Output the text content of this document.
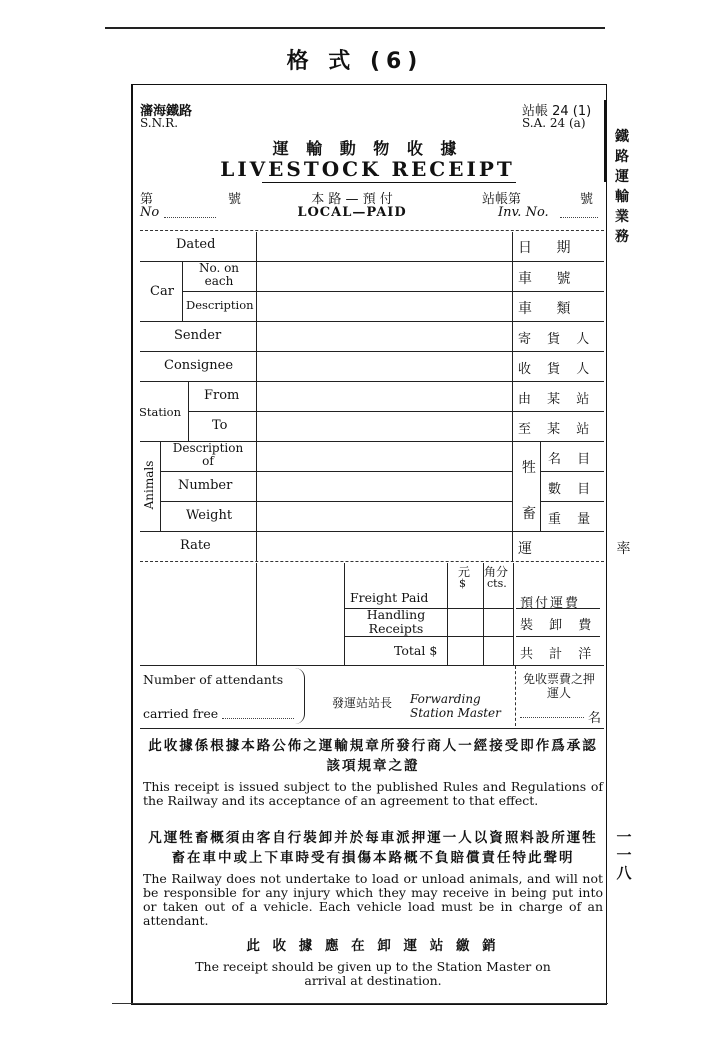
格 式 (6)
鐵路運輸業務
一一八
瀋海鐵路
S.N.R.
站帳 24 (1)
S.A. 24 (a)
運 輸 動 物 收 據
LIVESTOCK RECEIPT
第	號
No
本 路 — 預 付
LOCAL—PAID
站帳第	號
Inv. No.
Dated	日 期
Car
No. on each	車 號
Description	車 類
Sender	寄 貨 人
Consignee	收 貨 人
Station
From	由 某 站
To	至 某 站
Animals	牲
畜
Description of	名 目
Number	數 目
Weight	重 量
Rate	運 率
元
$
角分
cts.
Freight Paid	預付運費
Handling Receipts	裝 卸 費
Total $	共 計 洋
Number of attendants
carried free
發運站站長 Forwarding Station Master
免收票費之押運人
名
此收據係根據本路公佈之運輸規章所發行商人一經接受即作爲承認該項規章之證
This receipt is issued subject to the published Rules and Regulations of the Railway and its acceptance of an agreement to that effect.
凡運牲畜概須由客自行裝卸并於每車派押運一人以資照料設所運牲畜在車中或上下車時受有損傷本路概不負賠償責任特此聲明
The Railway does not undertake to load or unload animals, and will not be responsible for any injury which they may receive in being put into or taken out of a vehicle. Each vehicle load must be in charge of an attendant.
此 收 據 應 在 卸 運 站 繳 銷
The receipt should be given up to the Station Master on arrival at destination.
